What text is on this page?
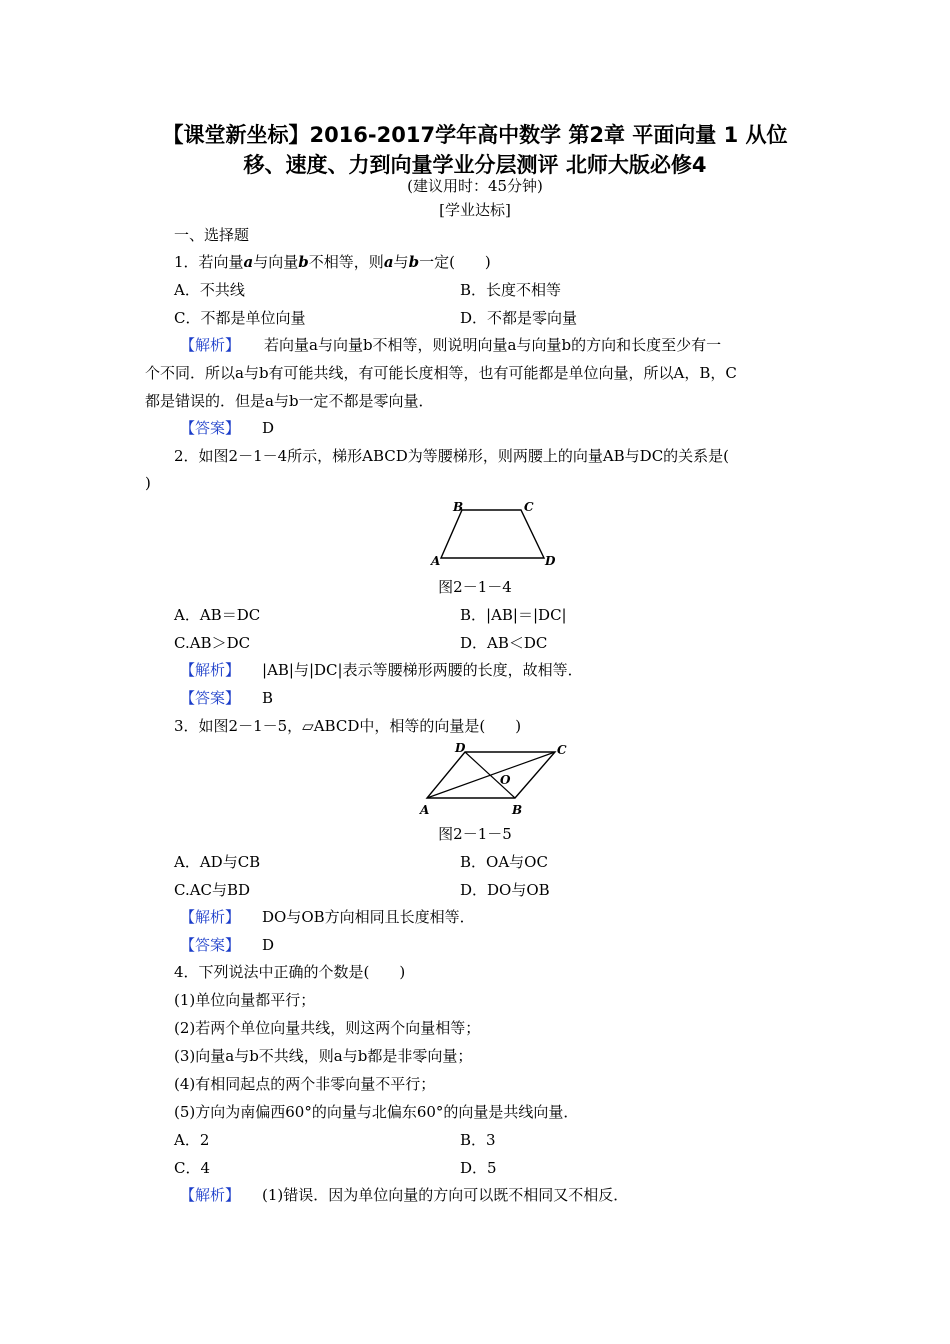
【课堂新坐标】2016-2017学年高中数学 第2章 平面向量 1 从位
移、速度、力到向量学业分层测评 北师大版必修4
(建议用时：45分钟)
[学业达标]
一、选择题
1．若向量a与向量b不相等，则a与b一定(　　)
A．不共线	B．长度不相等
C．不都是单位向量	D．不都是零向量
【解析】 若向量a与向量b不相等，则说明向量a与向量b的方向和长度至少有一
个不同．所以a与b有可能共线，有可能长度相等，也有可能都是单位向量，所以A，B，C
都是错误的．但是a与b一定不都是零向量．
【答案】 D
2．如图2－1－4所示，梯形ABCD为等腰梯形，则两腰上的向量AB与DC的关系是(
)
B	C
A	D
图2－1－4
A．AB＝DC	B．|AB|＝|DC|
C.AB＞DC	D．AB＜DC
【解析】 |AB|与|DC|表示等腰梯形两腰的长度，故相等．
【答案】 B
3．如图2－1－5，▱ABCD中，相等的向量是(　　)
D	C
O
A	B
图2－1－5
A．AD与CB	B．OA与OC
C.AC与BD	D．DO与OB
【解析】 DO与OB方向相同且长度相等．
【答案】 D
4．下列说法中正确的个数是(　　)
(1)单位向量都平行；
(2)若两个单位向量共线，则这两个向量相等；
(3)向量a与b不共线，则a与b都是非零向量；
(4)有相同起点的两个非零向量不平行；
(5)方向为南偏西60°的向量与北偏东60°的向量是共线向量．
A．2	B．3
C．4	D．5
【解析】 (1)错误．因为单位向量的方向可以既不相同又不相反．
